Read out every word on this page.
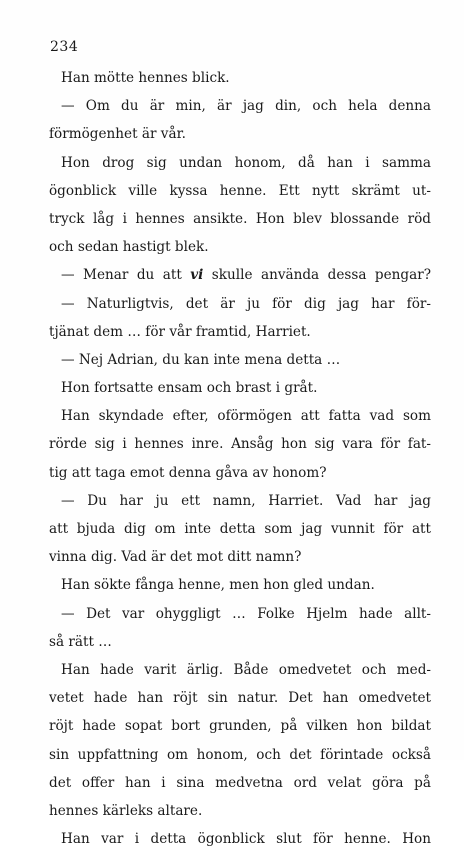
234
Han mötte hennes blick.
— Om du är min, är jag din, och hela denna
förmögenhet är vår.
Hon drog sig undan honom, då han i samma
ögonblick ville kyssa henne. Ett nytt skrämt ut-
tryck låg i hennes ansikte. Hon blev blossande röd
och sedan hastigt blek.
— Menar du att vi skulle använda dessa pengar?
— Naturligtvis, det är ju för dig jag har för-
tjänat dem … för vår framtid, Harriet.
— Nej Adrian, du kan inte mena detta …
Hon fortsatte ensam och brast i gråt.
Han skyndade efter, oförmögen att fatta vad som
rörde sig i hennes inre. Ansåg hon sig vara för fat-
tig att taga emot denna gåva av honom?
— Du har ju ett namn, Harriet. Vad har jag
att bjuda dig om inte detta som jag vunnit för att
vinna dig. Vad är det mot ditt namn?
Han sökte fånga henne, men hon gled undan.
— Det var ohyggligt … Folke Hjelm hade allt-
så rätt …
Han hade varit ärlig. Både omedvetet och med-
vetet hade han röjt sin natur. Det han omedvetet
röjt hade sopat bort grunden, på vilken hon bildat
sin uppfattning om honom, och det förintade också
det offer han i sina medvetna ord velat göra på
hennes kärleks altare.
Han var i detta ögonblick slut för henne. Hon
